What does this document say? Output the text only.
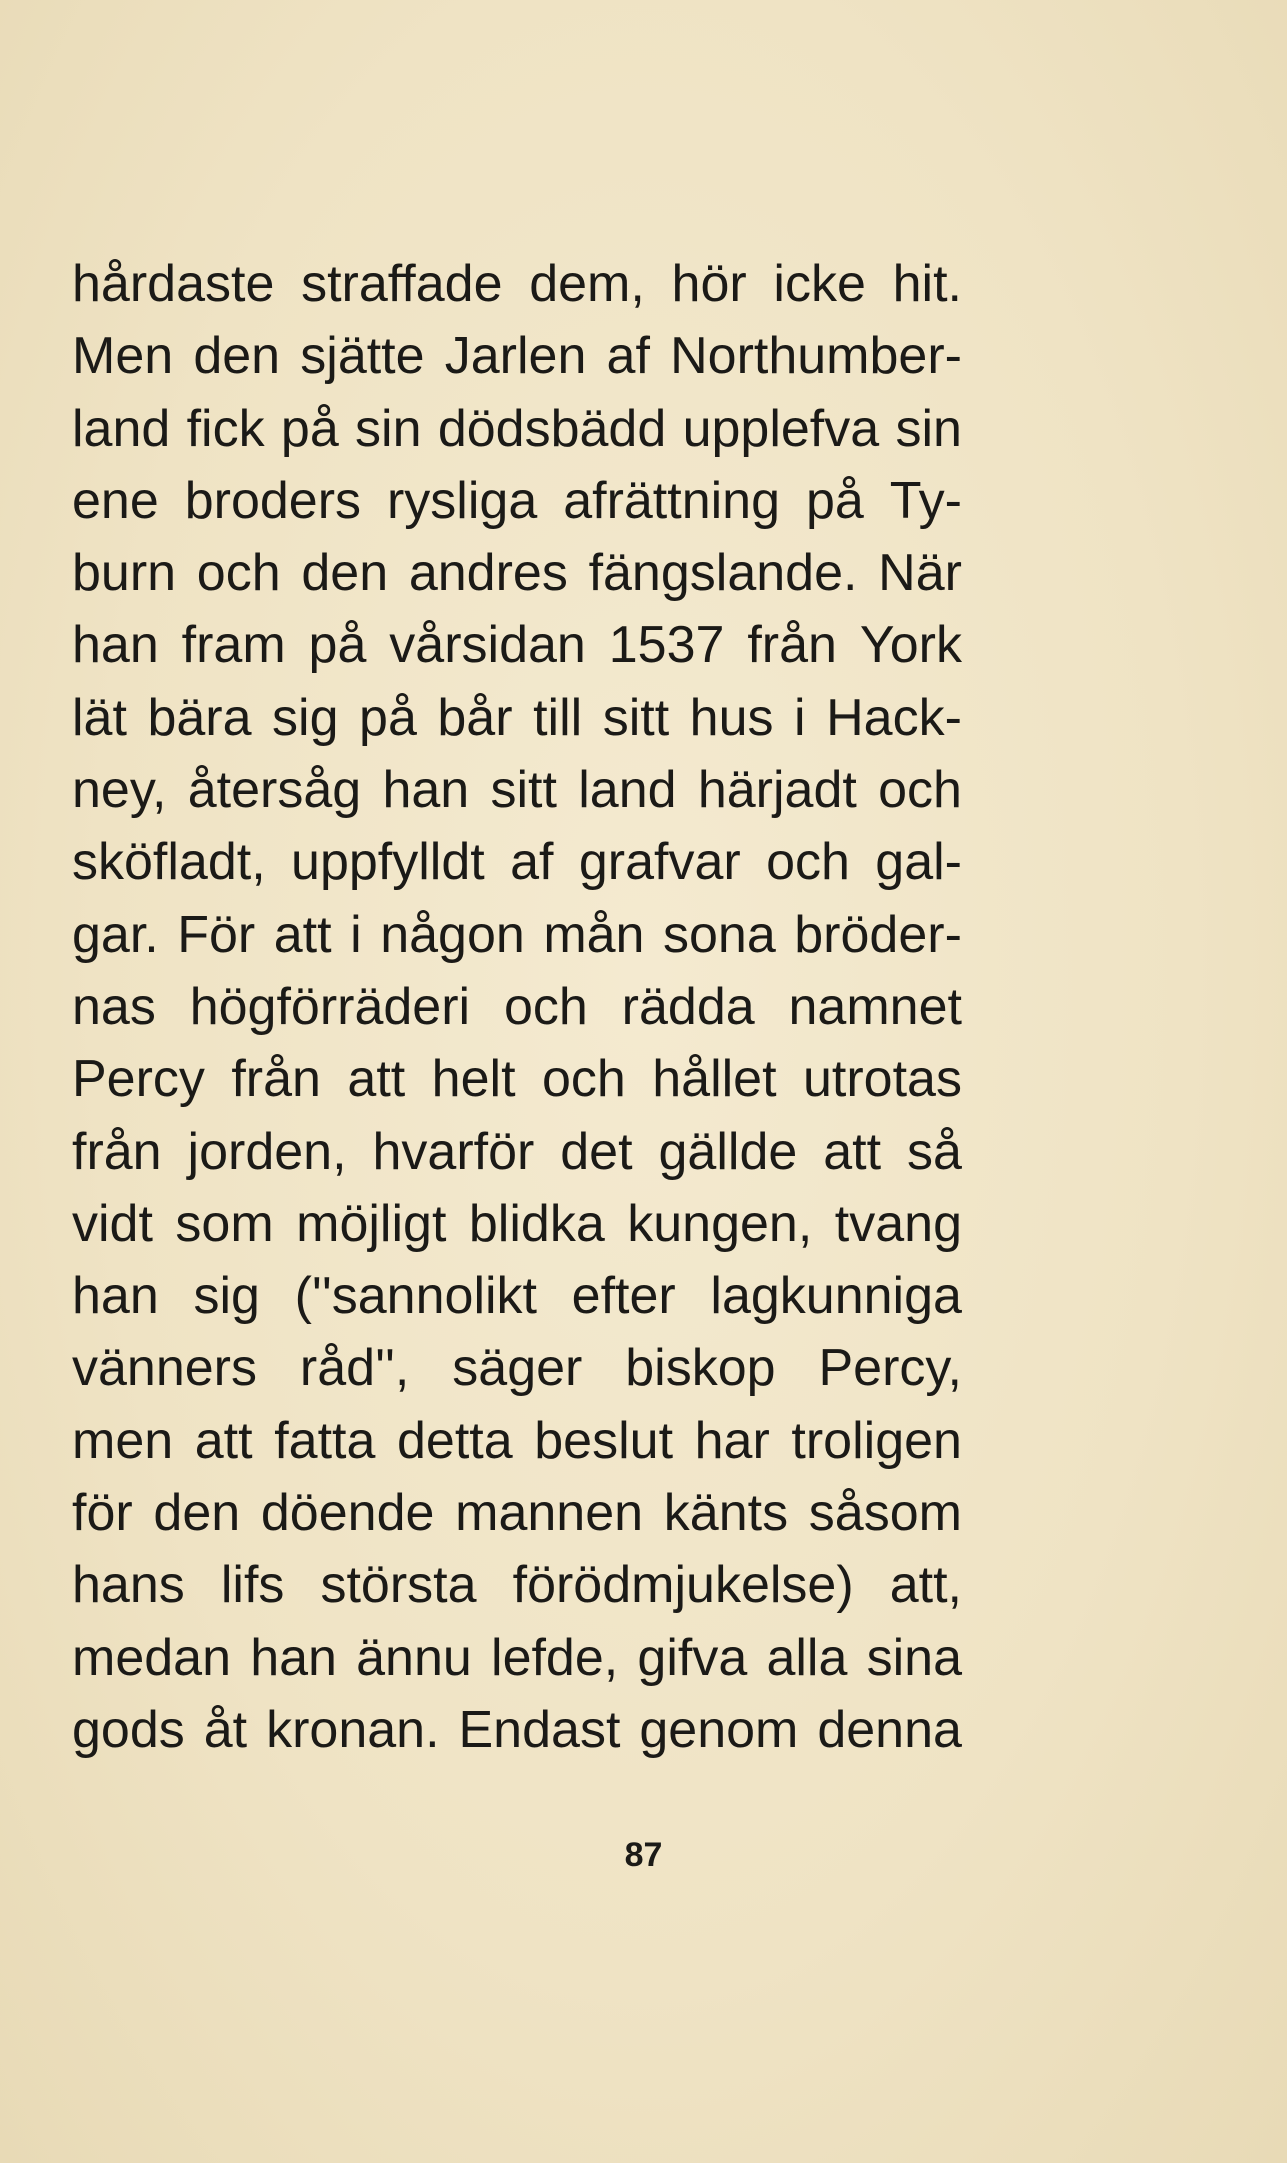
hårdaste straffade dem, hör icke hit.
Men den sjätte Jarlen af Northumber-
land fick på sin dödsbädd upplefva sin
ene broders rysliga afrättning på Ty-
burn och den andres fängslande. När
han fram på vårsidan 1537 från York
lät bära sig på bår till sitt hus i Hack-
ney, återsåg han sitt land härjadt och
sköfladt, uppfylldt af grafvar och gal-
gar. För att i någon mån sona bröder-
nas högförräderi och rädda namnet
Percy från att helt och hållet utrotas
från jorden, hvarför det gällde att så
vidt som möjligt blidka kungen, tvang
han sig (''sannolikt efter lagkunniga
vänners råd'', säger biskop Percy,
men att fatta detta beslut har troligen
för den döende mannen känts såsom
hans lifs största förödmjukelse) att,
medan han ännu lefde, gifva alla sina
gods åt kronan. Endast genom denna
87
